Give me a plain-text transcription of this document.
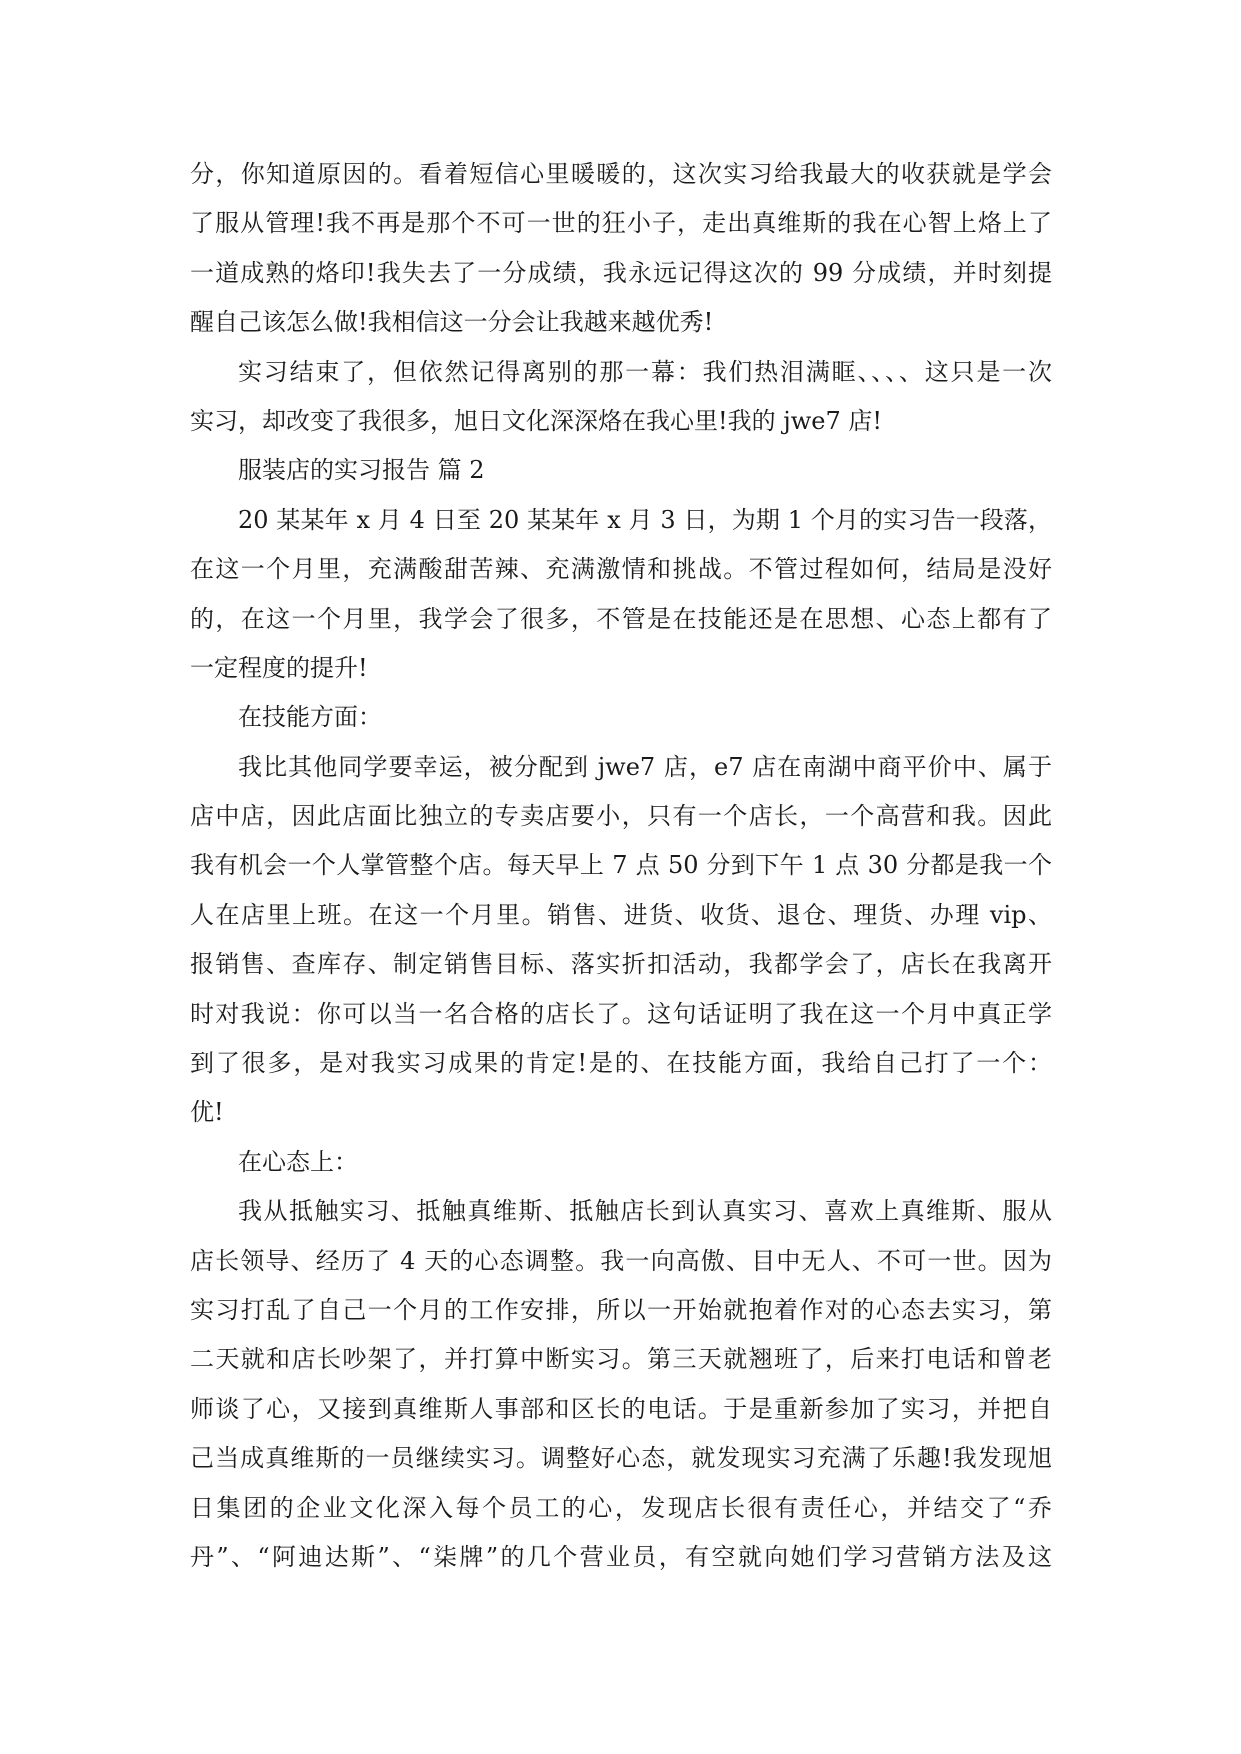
分，你知道原因的。看着短信心里暖暖的，这次实习给我最大的收获就是学会
了服从管理!我不再是那个不可一世的狂小子，走出真维斯的我在心智上烙上了
一道成熟的烙印!我失去了一分成绩，我永远记得这次的 99 分成绩，并时刻提
醒自己该怎么做!我相信这一分会让我越来越优秀!
实习结束了，但依然记得离别的那一幕：我们热泪满眶、、、、这只是一次
实习，却改变了我很多，旭日文化深深烙在我心里!我的 jwe7 店!
服装店的实习报告 篇 2
20 某某年 x 月 4 日至 20 某某年 x 月 3 日，为期 1 个月的实习告一段落，
在这一个月里，充满酸甜苦辣、充满激情和挑战。不管过程如何，结局是没好
的，在这一个月里，我学会了很多，不管是在技能还是在思想、心态上都有了
一定程度的提升!
在技能方面：
我比其他同学要幸运，被分配到 jwe7 店，e7 店在南湖中商平价中、属于
店中店，因此店面比独立的专卖店要小，只有一个店长，一个高营和我。因此
我有机会一个人掌管整个店。每天早上 7 点 50 分到下午 1 点 30 分都是我一个
人在店里上班。在这一个月里。销售、进货、收货、退仓、理货、办理 vip、
报销售、查库存、制定销售目标、落实折扣活动，我都学会了，店长在我离开
时对我说：你可以当一名合格的店长了。这句话证明了我在这一个月中真正学
到了很多，是对我实习成果的肯定!是的、在技能方面，我给自己打了一个：
优!
在心态上：
我从抵触实习、抵触真维斯、抵触店长到认真实习、喜欢上真维斯、服从
店长领导、经历了 4 天的心态调整。我一向高傲、目中无人、不可一世。因为
实习打乱了自己一个月的工作安排，所以一开始就抱着作对的心态去实习，第
二天就和店长吵架了，并打算中断实习。第三天就翘班了，后来打电话和曾老
师谈了心，又接到真维斯人事部和区长的电话。于是重新参加了实习，并把自
己当成真维斯的一员继续实习。调整好心态，就发现实习充满了乐趣!我发现旭
日集团的企业文化深入每个员工的心，发现店长很有责任心，并结交了“乔
丹”、“阿迪达斯”、“柒牌”的几个营业员，有空就向她们学习营销方法及这
